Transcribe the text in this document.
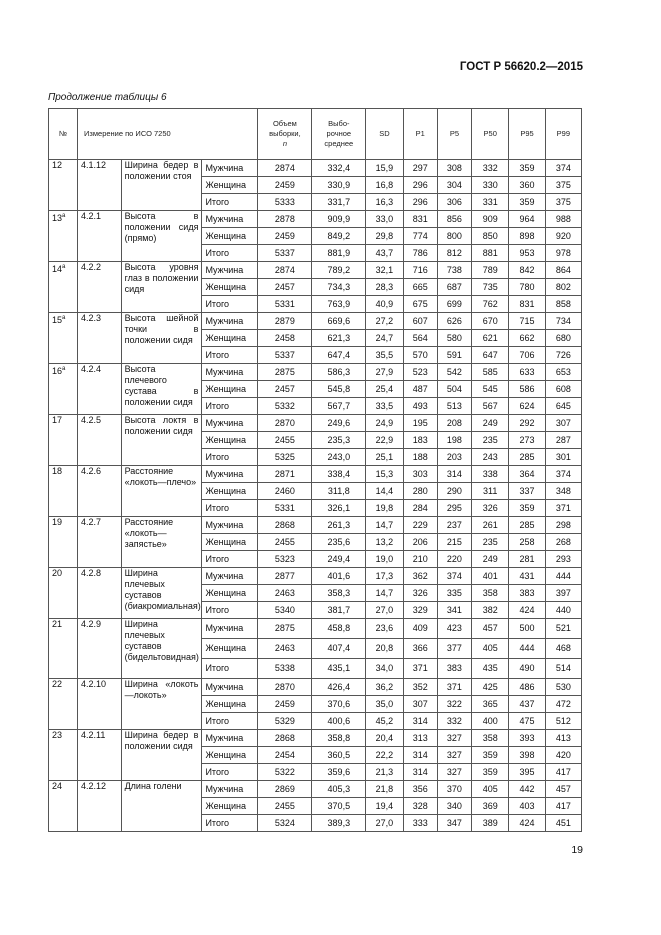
ГОСТ Р 56620.2—2015
Продолжение таблицы 6
№	Измерение по ИСО 7250			Объем
выборки,
n	Выбо-
рочное
среднее	SD	P1	P5	P50	P95	P99
12	4.1.12	Ширина бедер в положении стоя	Мужчина	2874	332,4	15,9	297	308	332	359	374
			Женщина	2459	330,9	16,8	296	304	330	360	375
			Итого	5333	331,7	16,3	296	306	331	359	375
13$^a$	4.2.1	Высота в положении сидя (прямо)	Мужчина	2878	909,9	33,0	831	856	909	964	988
			Женщина	2459	849,2	29,8	774	800	850	898	920
			Итого	5337	881,9	43,7	786	812	881	953	978
14$^a$	4.2.2	Высота уровня глаз в положении сидя	Мужчина	2874	789,2	32,1	716	738	789	842	864
			Женщина	2457	734,3	28,3	665	687	735	780	802
			Итого	5331	763,9	40,9	675	699	762	831	858
15$^a$	4.2.3	Высота шейной точки в положении сидя	Мужчина	2879	669,6	27,2	607	626	670	715	734
			Женщина	2458	621,3	24,7	564	580	621	662	680
			Итого	5337	647,4	35,5	570	591	647	706	726
16$^a$	4.2.4	Высота плечевого сустава в положении сидя	Мужчина	2875	586,3	27,9	523	542	585	633	653
			Женщина	2457	545,8	25,4	487	504	545	586	608
			Итого	5332	567,7	33,5	493	513	567	624	645
17	4.2.5	Высота локтя в положении сидя	Мужчина	2870	249,6	24,9	195	208	249	292	307
			Женщина	2455	235,3	22,9	183	198	235	273	287
			Итого	5325	243,0	25,1	188	203	243	285	301
18	4.2.6	Расстояние «локоть—плечо»	Мужчина	2871	338,4	15,3	303	314	338	364	374
			Женщина	2460	311,8	14,4	280	290	311	337	348
			Итого	5331	326,1	19,8	284	295	326	359	371
19	4.2.7	Расстояние «локоть—запястье»	Мужчина	2868	261,3	14,7	229	237	261	285	298
			Женщина	2455	235,6	13,2	206	215	235	258	268
			Итого	5323	249,4	19,0	210	220	249	281	293
20	4.2.8	Ширина плечевых суставов (биакромиальная)	Мужчина	2877	401,6	17,3	362	374	401	431	444
			Женщина	2463	358,3	14,7	326	335	358	383	397
			Итого	5340	381,7	27,0	329	341	382	424	440
21	4.2.9	Ширина плечевых суставов (бидельтовидная)	Мужчина	2875	458,8	23,6	409	423	457	500	521
			Женщина	2463	407,4	20,8	366	377	405	444	468
			Итого	5338	435,1	34,0	371	383	435	490	514
22	4.2.10	Ширина «локоть—локоть»	Мужчина	2870	426,4	36,2	352	371	425	486	530
			Женщина	2459	370,6	35,0	307	322	365	437	472
			Итого	5329	400,6	45,2	314	332	400	475	512
23	4.2.11	Ширина бедер в положении сидя	Мужчина	2868	358,8	20,4	313	327	358	393	413
			Женщина	2454	360,5	22,2	314	327	359	398	420
			Итого	5322	359,6	21,3	314	327	359	395	417
24	4.2.12	Длина голени	Мужчина	2869	405,3	21,8	356	370	405	442	457
			Женщина	2455	370,5	19,4	328	340	369	403	417
			Итого	5324	389,3	27,0	333	347	389	424	451
19
